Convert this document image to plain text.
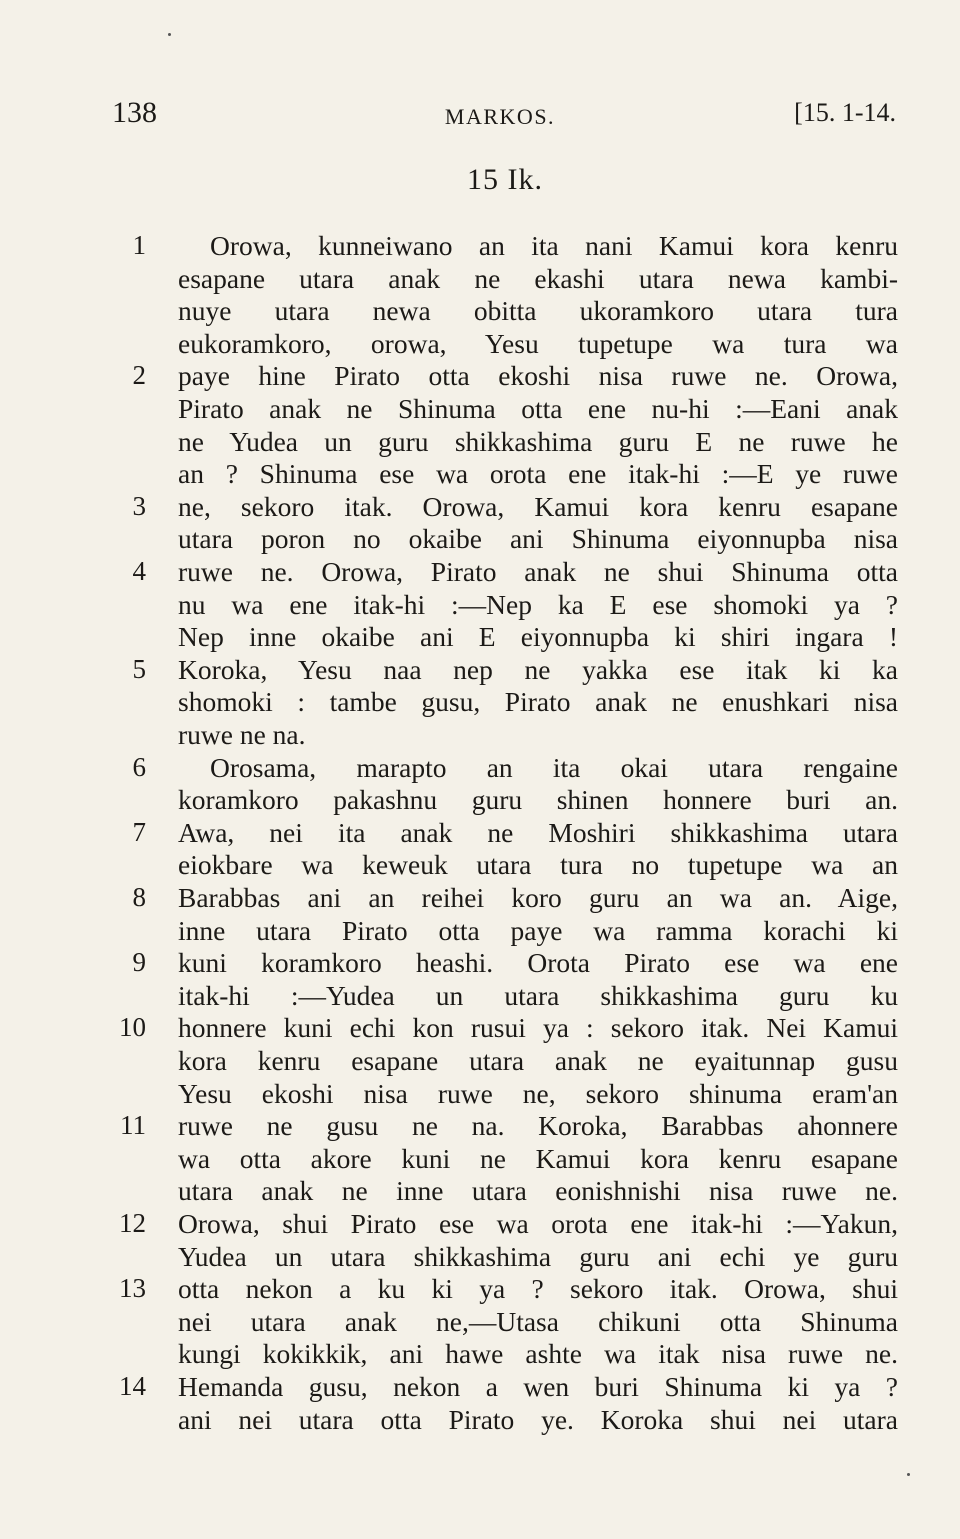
138	MARKOS.	[15. 1-14.
15 Ik.
1 Orowa, kunneiwano an ita nani Kamui kora kenru
esapane utara anak ne ekashi utara newa kambi-
nuye utara newa obitta ukoramkoro utara tura
eukoramkoro, orowa, Yesu tupetupe wa tura wa
2 paye hine Pirato otta ekoshi nisa ruwe ne. Orowa,
Pirato anak ne Shinuma otta ene nu-hi :—Eani anak
ne Yudea un guru shikkashima guru E ne ruwe he
an ? Shinuma ese wa orota ene itak-hi :—E ye ruwe
3 ne, sekoro itak. Orowa, Kamui kora kenru esapane
utara poron no okaibe ani Shinuma eiyonnupba nisa
4 ruwe ne. Orowa, Pirato anak ne shui Shinuma otta
nu wa ene itak-hi :—Nep ka E ese shomoki ya ?
Nep inne okaibe ani E eiyonnupba ki shiri ingara !
5 Koroka, Yesu naa nep ne yakka ese itak ki ka
shomoki : tambe gusu, Pirato anak ne enushkari nisa
ruwe ne na.
6 Orosama, marapto an ita okai utara rengaine
koramkoro pakashnu guru shinen honnere buri an.
7 Awa, nei ita anak ne Moshiri shikkashima utara
eiokbare wa keweuk utara tura no tupetupe wa an
8 Barabbas ani an reihei koro guru an wa an. Aige,
inne utara Pirato otta paye wa ramma korachi ki
9 kuni koramkoro heashi. Orota Pirato ese wa ene
itak-hi :—Yudea un utara shikkashima guru ku
10 honnere kuni echi kon rusui ya : sekoro itak. Nei Kamui
kora kenru esapane utara anak ne eyaitunnap gusu
Yesu ekoshi nisa ruwe ne, sekoro shinuma eram'an
11 ruwe ne gusu ne na. Koroka, Barabbas ahonnere
wa otta akore kuni ne Kamui kora kenru esapane
utara anak ne inne utara eonishnishi nisa ruwe ne.
12 Orowa, shui Pirato ese wa orota ene itak-hi :—Yakun,
Yudea un utara shikkashima guru ani echi ye guru
13 otta nekon a ku ki ya ? sekoro itak. Orowa, shui
nei utara anak ne,—Utasa chikuni otta Shinuma
kungi kokikkik, ani hawe ashte wa itak nisa ruwe ne.
14 Hemanda gusu, nekon a wen buri Shinuma ki ya ?
ani nei utara otta Pirato ye. Koroka shui nei utara
